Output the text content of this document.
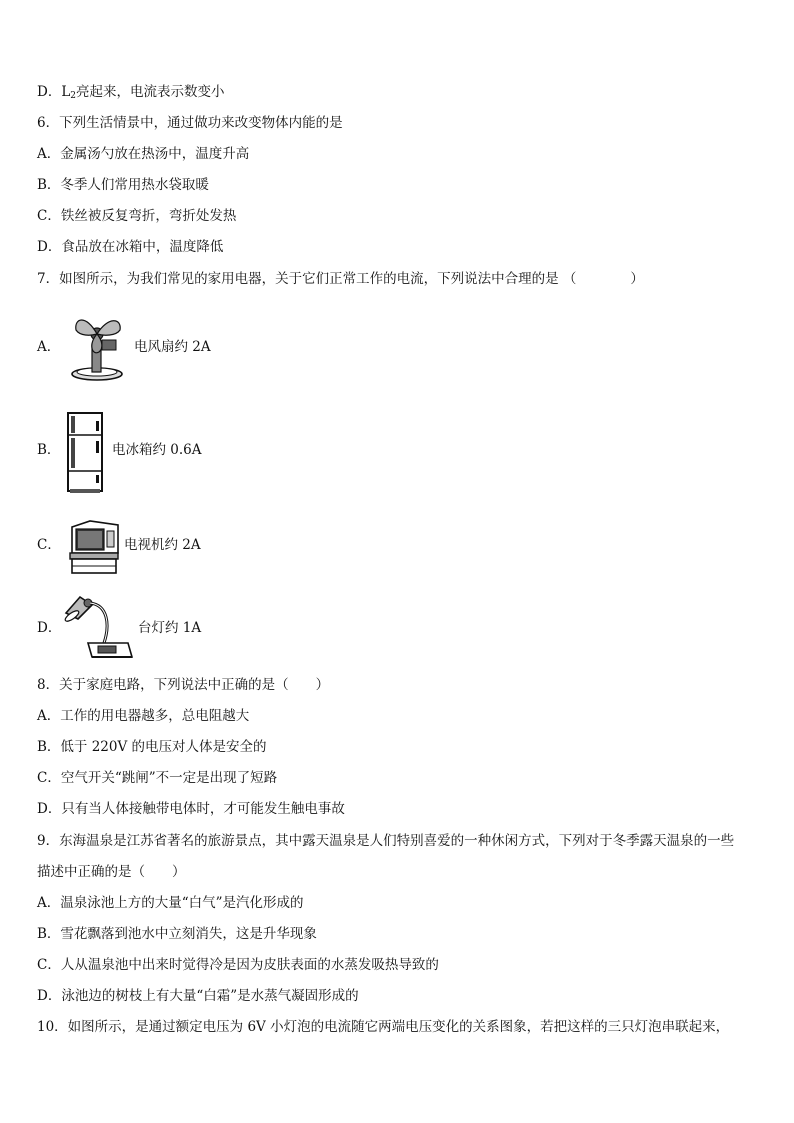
D．$L_2$亮起来，电流表示数变小
6．下列生活情景中，通过做功来改变物体内能的是
A．金属汤勺放在热汤中，温度升高
B．冬季人们常用热水袋取暖
C．铁丝被反复弯折，弯折处发热
D．食品放在冰箱中，温度降低
7．如图所示，为我们常见的家用电器，关于它们正常工作的电流，下列说法中合理的是 （　　　　）
A．	电风扇约 2A
B．	电冰箱约 0.6A
C．	电视机约 2A
D．	台灯约 1A
8．关于家庭电路，下列说法中正确的是（　　）
A．工作的用电器越多，总电阻越大
B．低于 220V 的电压对人体是安全的
C．空气开关“跳闸”不一定是出现了短路
D．只有当人体接触带电体时，才可能发生触电事故
9．东海温泉是江苏省著名的旅游景点，其中露天温泉是人们特别喜爱的一种休闲方式，下列对于冬季露天温泉的一些
描述中正确的是（　　）
A．温泉泳池上方的大量“白气”是汽化形成的
B．雪花飘落到池水中立刻消失，这是升华现象
C．人从温泉池中出来时觉得冷是因为皮肤表面的水蒸发吸热导致的
D．泳池边的树枝上有大量“白霜”是水蒸气凝固形成的
10．如图所示，是通过额定电压为 6V 小灯泡的电流随它两端电压变化的关系图象，若把这样的三只灯泡串联起来，
